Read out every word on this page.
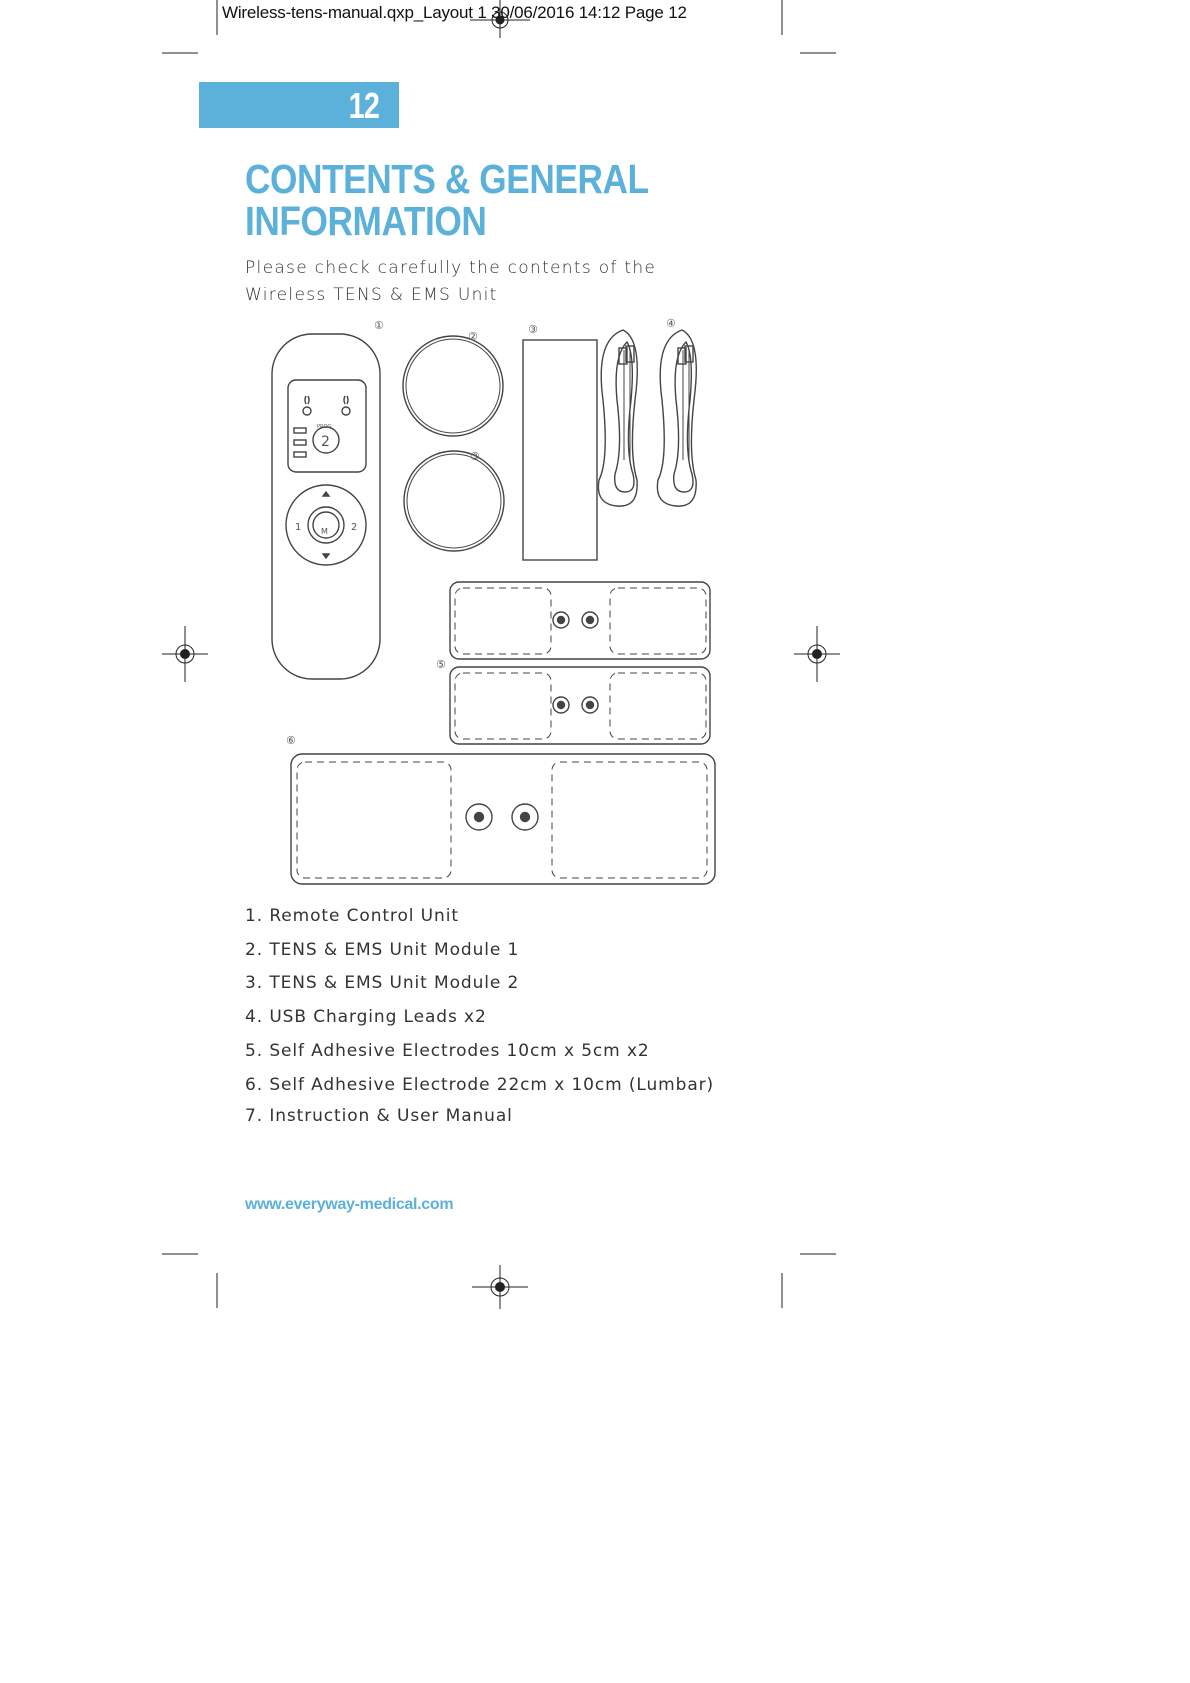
Wireless-tens-manual.qxp_Layout 1 30/06/2016 14:12 Page 12
12
CONTENTS & GENERAL
INFORMATION
Please check carefully the contents of the
Wireless TENS & EMS Unit
①
②
③
③
④
⑤
⑥
PROG
2
1	2
M
1. Remote Control Unit
2. TENS & EMS Unit Module 1
3. TENS & EMS Unit Module 2
4. USB Charging Leads x2
5. Self Adhesive Electrodes 10cm x 5cm x2
6. Self Adhesive Electrode 22cm x 10cm (Lumbar)
7. Instruction & User Manual
www.everyway-medical.com
